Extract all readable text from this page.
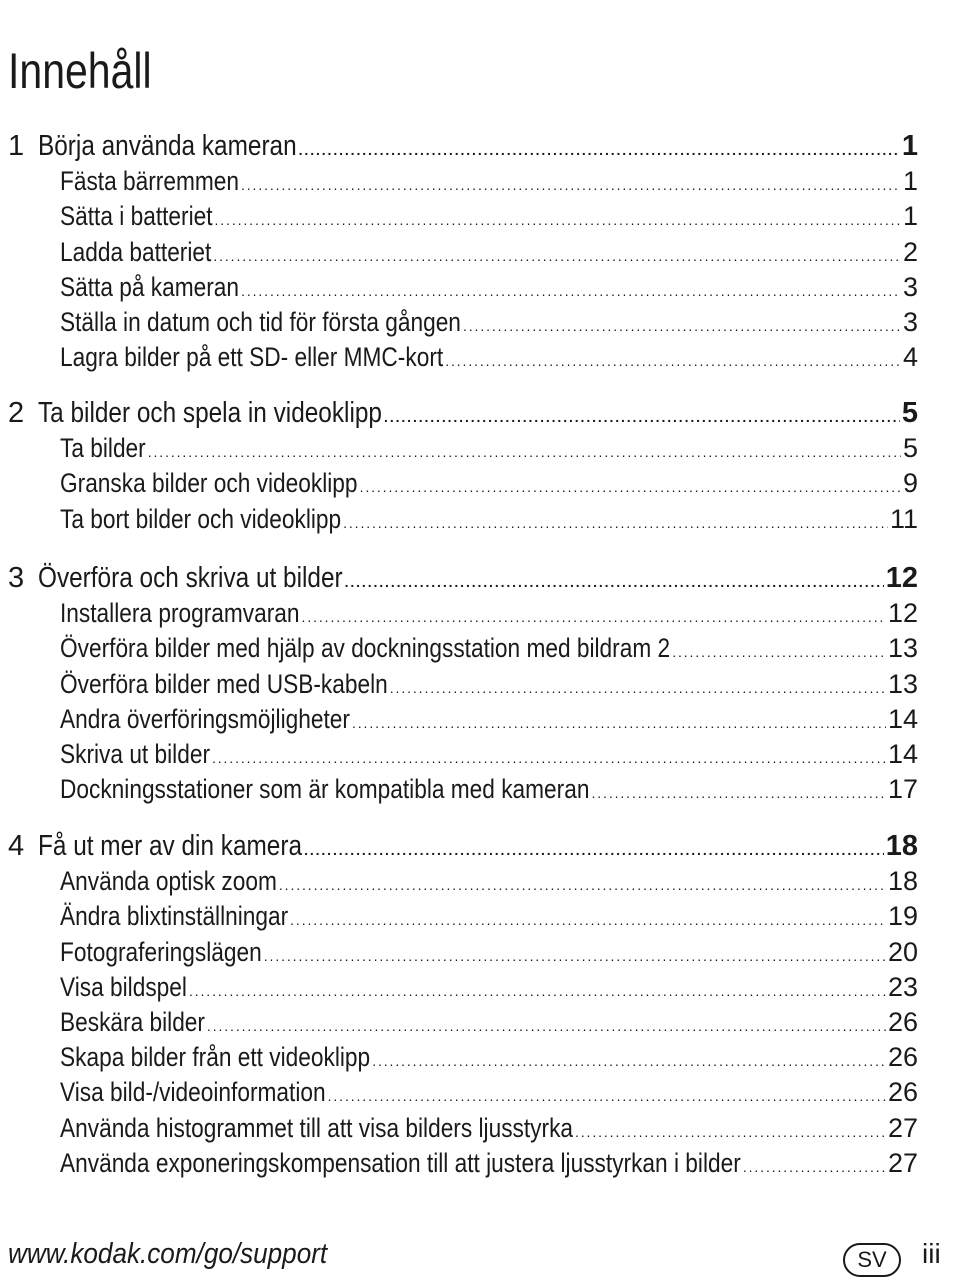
Innehåll
1 Börja använda kameran . . .	1
Fästa bärremmen . . .	1
Sätta i batteriet . . .	1
Ladda batteriet . . .	2
Sätta på kameran . . .	3
Ställa in datum och tid för första gången . . .	3
Lagra bilder på ett SD- eller MMC-kort . . .	4
2 Ta bilder och spela in videoklipp . . .	5
Ta bilder . . .	5
Granska bilder och videoklipp . . .	9
Ta bort bilder och videoklipp . . .	11
3 Överföra och skriva ut bilder . . .	12
Installera programvaran . . .	12
Överföra bilder med hjälp av dockningsstation med bildram 2 . . .	13
Överföra bilder med USB-kabeln . . .	13
Andra överföringsmöjligheter . . .	14
Skriva ut bilder . . .	14
Dockningsstationer som är kompatibla med kameran . . .	17
4 Få ut mer av din kamera . . .	18
Använda optisk zoom . . .	18
Ändra blixtinställningar . . .	19
Fotograferingslägen . . .	20
Visa bildspel . . .	23
Beskära bilder . . .	26
Skapa bilder från ett videoklipp . . .	26
Visa bild-/videoinformation . . .	26
Använda histogrammet till att visa bilders ljusstyrka . . .	27
Använda exponeringskompensation till att justera ljusstyrkan i bilder . . .	27
www.kodak.com/go/support	SV	iii
